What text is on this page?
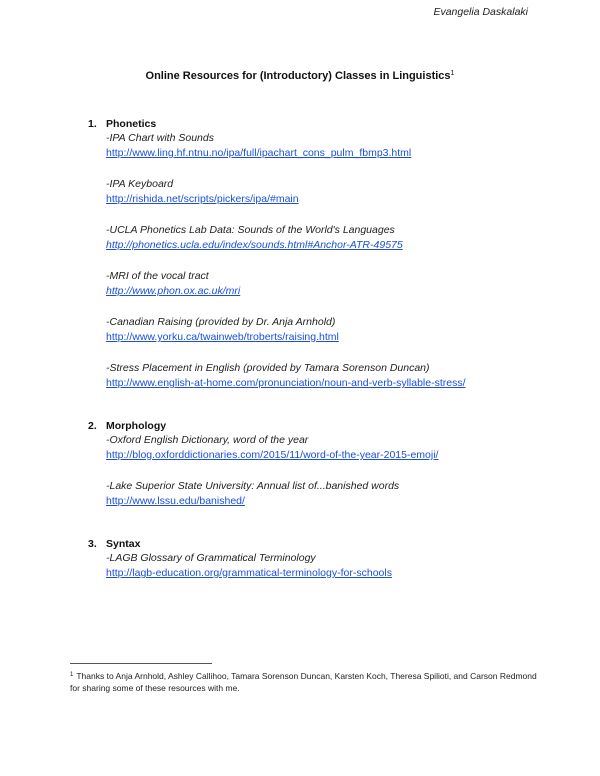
Evangelia Daskalaki
Online Resources for (Introductory) Classes in Linguistics$^1$
1. Phonetics
-IPA Chart with Sounds
http://www.ling.hf.ntnu.no/ipa/full/ipachart_cons_pulm_fbmp3.html
-IPA Keyboard
http://rishida.net/scripts/pickers/ipa/#main
-UCLA Phonetics Lab Data: Sounds of the World's Languages
http://phonetics.ucla.edu/index/sounds.html#Anchor-ATR-49575
-MRI of the vocal tract
http://www.phon.ox.ac.uk/mri
-Canadian Raising (provided by Dr. Anja Arnhold)
http://www.yorku.ca/twainweb/troberts/raising.html
-Stress Placement in English (provided by Tamara Sorenson Duncan)
http://www.english-at-home.com/pronunciation/noun-and-verb-syllable-stress/
2. Morphology
-Oxford English Dictionary, word of the year
http://blog.oxforddictionaries.com/2015/11/word-of-the-year-2015-emoji/
-Lake Superior State University: Annual list of...banished words
http://www.lssu.edu/banished/
3. Syntax
-LAGB Glossary of Grammatical Terminology
http://lagb-education.org/grammatical-terminology-for-schools
$^1$ Thanks to Anja Arnhold, Ashley Callihoo, Tamara Sorenson Duncan, Karsten Koch, Theresa Spilioti, and Carson Redmond for sharing some of these resources with me.
